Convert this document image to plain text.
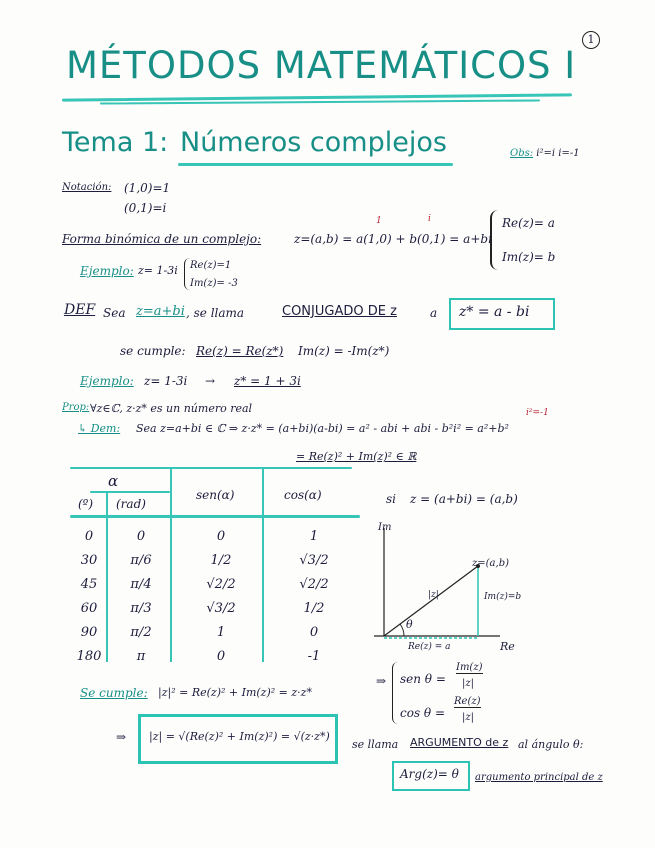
1
MÉTODOS MATEMÁTICOS I
Tema 1: Números complejos	Obs: i²=i i=-1
Notación: (1,0)=1
(0,1)=i
Forma binómica de un complejo:	z=(a,b) = a(1,0) + b(0,1) = a+bi
1	i	Re(z)= a
Im(z)= b
Ejemplo: z= 1-3i Re(z)=1
Im(z)= -3
DEF Sea z=a+bi , se llama	CONJUGADO DE z	a z* = a - bi
se cumple: Re(z) = Re(z*) Im(z) = -Im(z*)
Ejemplo: z= 1-3i → z* = 1 + 3i
Prop: ∀z∈ℂ, z·z* es un número real
↳ Dem: Sea z=a+bi ∈ ℂ ⇒ z·z* = (a+bi)(a-bi) = a² - abi + abi - b²i² = a²+b²
i²=-1
= Re(z)² + Im(z)² ∈ ℝ
α
(º) (rad)
sen(α)	cos(α)
0	0	0	1
30	π/6	1/2	√3/2
45	π/4	√2/2	√2/2
60	π/3	√3/2	1/2
90	π/2	1	0
180	π	0	-1
si z = (a+bi) = (a,b)
Im
Re
z=(a,b)
|z|
θ
Im(z)=b
Re(z) = a
⇒ sen θ =
Im(z)
|z|
cos θ =
Re(z)
|z|
Se cumple: |z|² = Re(z)² + Im(z)² = z·z*
⇒ |z| = √(Re(z)² + Im(z)²) = √(z·z*)
se llama ARGUMENTO de z al ángulo θ:
Arg(z)= θ argumento principal de z
